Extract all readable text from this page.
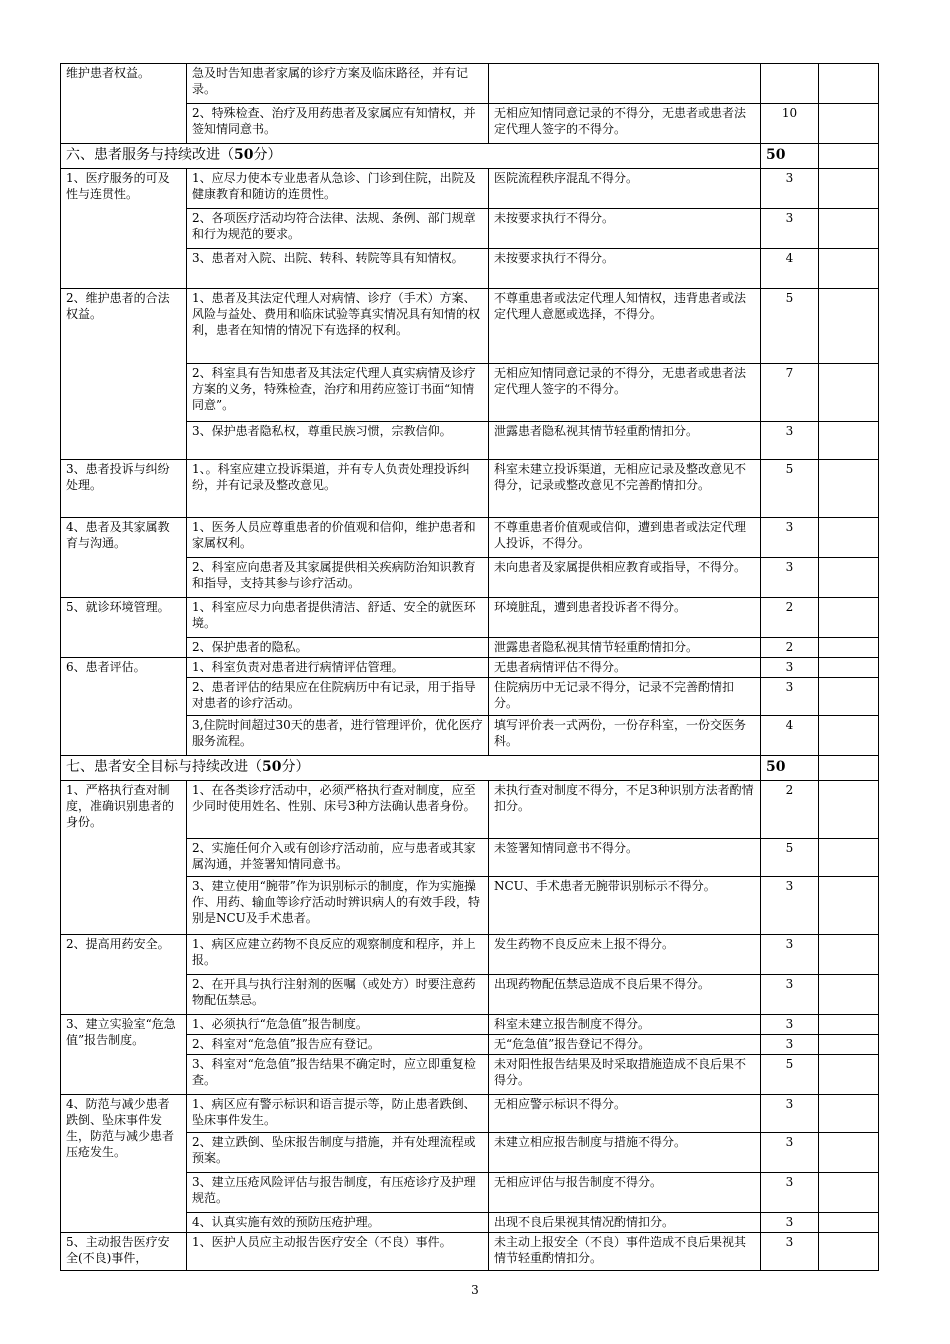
维护患者权益。	急及时告知患者家属的诊疗方案及临床路径，并有记录。			
	2、特殊检查、治疗及用药患者及家属应有知情权，并签知情同意书。	无相应知情同意记录的不得分，无患者或患者法定代理人签字的不得分。	10	
六、患者服务与持续改进（50分）			50	
1、医疗服务的可及性与连贯性。	1、应尽力使本专业患者从急诊、门诊到住院，出院及健康教育和随访的连贯性。	医院流程秩序混乱不得分。	3	
	2、各项医疗活动均符合法律、法规、条例、部门规章和行为规范的要求。	未按要求执行不得分。	3	
	3、患者对入院、出院、转科、转院等具有知情权。	未按要求执行不得分。	4	
2、维护患者的合法权益。	1、患者及其法定代理人对病情、诊疗（手术）方案、风险与益处、费用和临床试验等真实情况具有知情的权利，患者在知情的情况下有选择的权利。	不尊重患者或法定代理人知情权，违背患者或法定代理人意愿或选择，不得分。	5	
	2、科室具有告知患者及其法定代理人真实病情及诊疗方案的义务，特殊检查，治疗和用药应签订书面“知情同意”。	无相应知情同意记录的不得分，无患者或患者法定代理人签字的不得分。	7	
	3、保护患者隐私权，尊重民族习惯，宗教信仰。	泄露患者隐私视其情节轻重酌情扣分。	3	
3、患者投诉与纠纷处理。	1、。科室应建立投诉渠道，并有专人负责处理投诉纠纷，并有记录及整改意见。	科室未建立投诉渠道，无相应记录及整改意见不得分，记录或整改意见不完善酌情扣分。	5	
4、患者及其家属教育与沟通。	1、医务人员应尊重患者的价值观和信仰，维护患者和家属权利。	不尊重患者价值观或信仰，遭到患者或法定代理人投诉，不得分。	3	
	2、科室应向患者及其家属提供相关疾病防治知识教育和指导，支持其参与诊疗活动。	未向患者及家属提供相应教育或指导，不得分。	3	
5、就诊环境管理。	1、科室应尽力向患者提供清洁、舒适、安全的就医环境。	环境脏乱，遭到患者投诉者不得分。	2	
	2、保护患者的隐私。	泄露患者隐私视其情节轻重酌情扣分。	2	
6、患者评估。	1、科室负责对患者进行病情评估管理。	无患者病情评估不得分。	3	
	2、患者评估的结果应在住院病历中有记录，用于指导对患者的诊疗活动。	住院病历中无记录不得分，记录不完善酌情扣分。	3	
	3,住院时间超过30天的患者，进行管理评价，优化医疗服务流程。	填写评价表一式两份，一份存科室，一份交医务科。	4	
七、患者安全目标与持续改进（50分）			50	
1、严格执行查对制度，准确识别患者的身份。	1、在各类诊疗活动中，必须严格执行查对制度，应至少同时使用姓名、性别、床号3种方法确认患者身份。	未执行查对制度不得分，不足3种识别方法者酌情扣分。	2	
	2、实施任何介入或有创诊疗活动前，应与患者或其家属沟通，并签署知情同意书。	未签署知情同意书不得分。	5	
	3、建立使用“腕带”作为识别标示的制度，作为实施操作、用药、输血等诊疗活动时辨识病人的有效手段，特别是NCU及手术患者。	NCU、手术患者无腕带识别标示不得分。	3	
2、提高用药安全。	1、病区应建立药物不良反应的观察制度和程序，并上报。	发生药物不良反应未上报不得分。	3	
	2、在开具与执行注射剂的医嘱（或处方）时要注意药物配伍禁忌。	出现药物配伍禁忌造成不良后果不得分。	3	
3、建立实验室“危急值”报告制度。	1、必须执行“危急值”报告制度。	科室未建立报告制度不得分。	3	
	2、科室对“危急值”报告应有登记。	无“危急值”报告登记不得分。	3	
	3、科室对“危急值”报告结果不确定时，应立即重复检查。	未对阳性报告结果及时采取措施造成不良后果不得分。	5	
4、防范与减少患者跌倒、坠床事件发生，防范与减少患者压疮发生。	1、病区应有警示标识和语言提示等，防止患者跌倒、坠床事件发生。	无相应警示标识不得分。	3	
	2、建立跌倒、坠床报告制度与措施，并有处理流程或预案。	未建立相应报告制度与措施不得分。	3	
	3、建立压疮风险评估与报告制度，有压疮诊疗及护理规范。	无相应评估与报告制度不得分。	3	
	4、认真实施有效的预防压疮护理。	出现不良后果视其情况酌情扣分。	3	
5、主动报告医疗安全(不良)事件，	1、医护人员应主动报告医疗安全（不良）事件。	未主动上报安全（不良）事件造成不良后果视其情节轻重酌情扣分。	3	
3
